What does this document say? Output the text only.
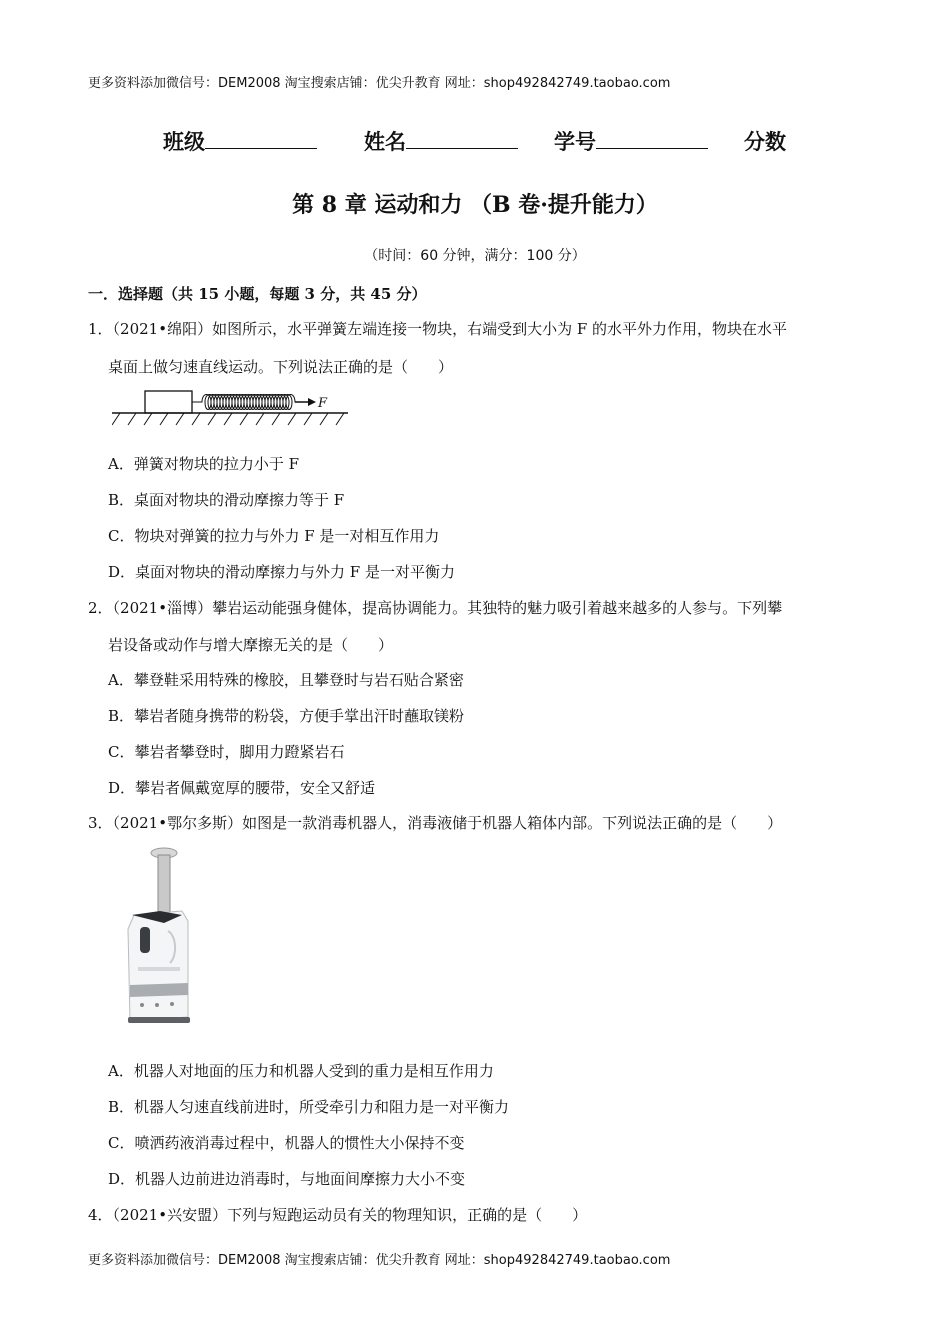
更多资料添加微信号：DEM2008 淘宝搜索店铺：优尖升教育 网址：shop492842749.taobao.com
班级	姓名	学号	分数
第 8 章 运动和力 （B 卷·提升能力）
（时间：60 分钟，满分：100 分）
一．选择题（共 15 小题，每题 3 分，共 45 分）
1．（2021•绵阳）如图所示，水平弹簧左端连接一物块，右端受到大小为 F 的水平外力作用，物块在水平
桌面上做匀速直线运动。下列说法正确的是（　　）
F
A．弹簧对物块的拉力小于 F
B．桌面对物块的滑动摩擦力等于 F
C．物块对弹簧的拉力与外力 F 是一对相互作用力
D．桌面对物块的滑动摩擦力与外力 F 是一对平衡力
2．（2021•淄博）攀岩运动能强身健体，提高协调能力。其独特的魅力吸引着越来越多的人参与。下列攀
岩设备或动作与增大摩擦无关的是（　　）
A．攀登鞋采用特殊的橡胶，且攀登时与岩石贴合紧密
B．攀岩者随身携带的粉袋，方便手掌出汗时蘸取镁粉
C．攀岩者攀登时，脚用力蹬紧岩石
D．攀岩者佩戴宽厚的腰带，安全又舒适
3．（2021•鄂尔多斯）如图是一款消毒机器人，消毒液储于机器人箱体内部。下列说法正确的是（　　）
A．机器人对地面的压力和机器人受到的重力是相互作用力
B．机器人匀速直线前进时，所受牵引力和阻力是一对平衡力
C．喷洒药液消毒过程中，机器人的惯性大小保持不变
D．机器人边前进边消毒时，与地面间摩擦力大小不变
4．（2021•兴安盟）下列与短跑运动员有关的物理知识，正确的是（　　）
更多资料添加微信号：DEM2008 淘宝搜索店铺：优尖升教育 网址：shop492842749.taobao.com
